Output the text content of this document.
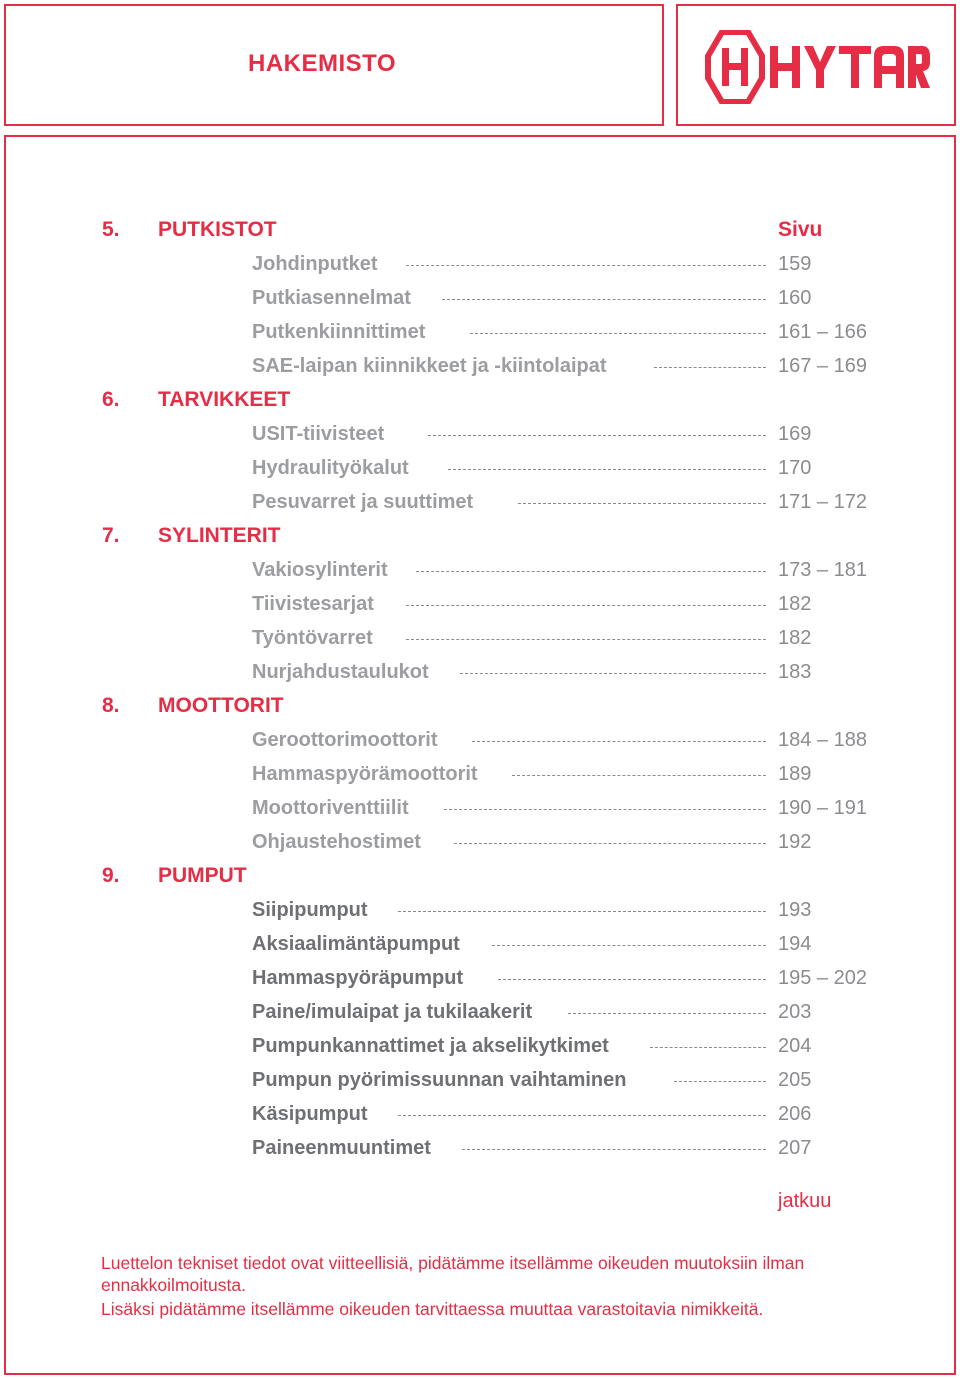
HAKEMISTO
Sivu
5. PUTKISTOT
Johdinputket	159
Putkiasennelmat	160
Putkenkiinnittimet	161 – 166
SAE-laipan kiinnikkeet ja -kiintolaipat	167 – 169
6. TARVIKKEET
USIT-tiivisteet	169
Hydraulityökalut	170
Pesuvarret ja suuttimet	171 – 172
7. SYLINTERIT
Vakiosylinterit	173 – 181
Tiivistesarjat	182
Työntövarret	182
Nurjahdustaulukot	183
8. MOOTTORIT
Geroottorimoottorit	184 – 188
Hammaspyörämoottorit	189
Moottoriventtiilit	190 – 191
Ohjaustehostimet	192
9. PUMPUT
Siipipumput	193
Aksiaalimäntäpumput	194
Hammaspyöräpumput	195 – 202
Paine/imulaipat ja tukilaakerit	203
Pumpunkannattimet ja akselikytkimet	204
Pumpun pyörimissuunnan vaihtaminen	205
Käsipumput	206
Paineenmuuntimet	207
jatkuu
Luettelon tekniset tiedot ovat viitteellisiä, pidätämme itsellämme oikeuden muutoksiin ilman ennakkoilmoitusta.
Lisäksi pidätämme itsellämme oikeuden tarvittaessa muuttaa varastoitavia nimikkeitä.
